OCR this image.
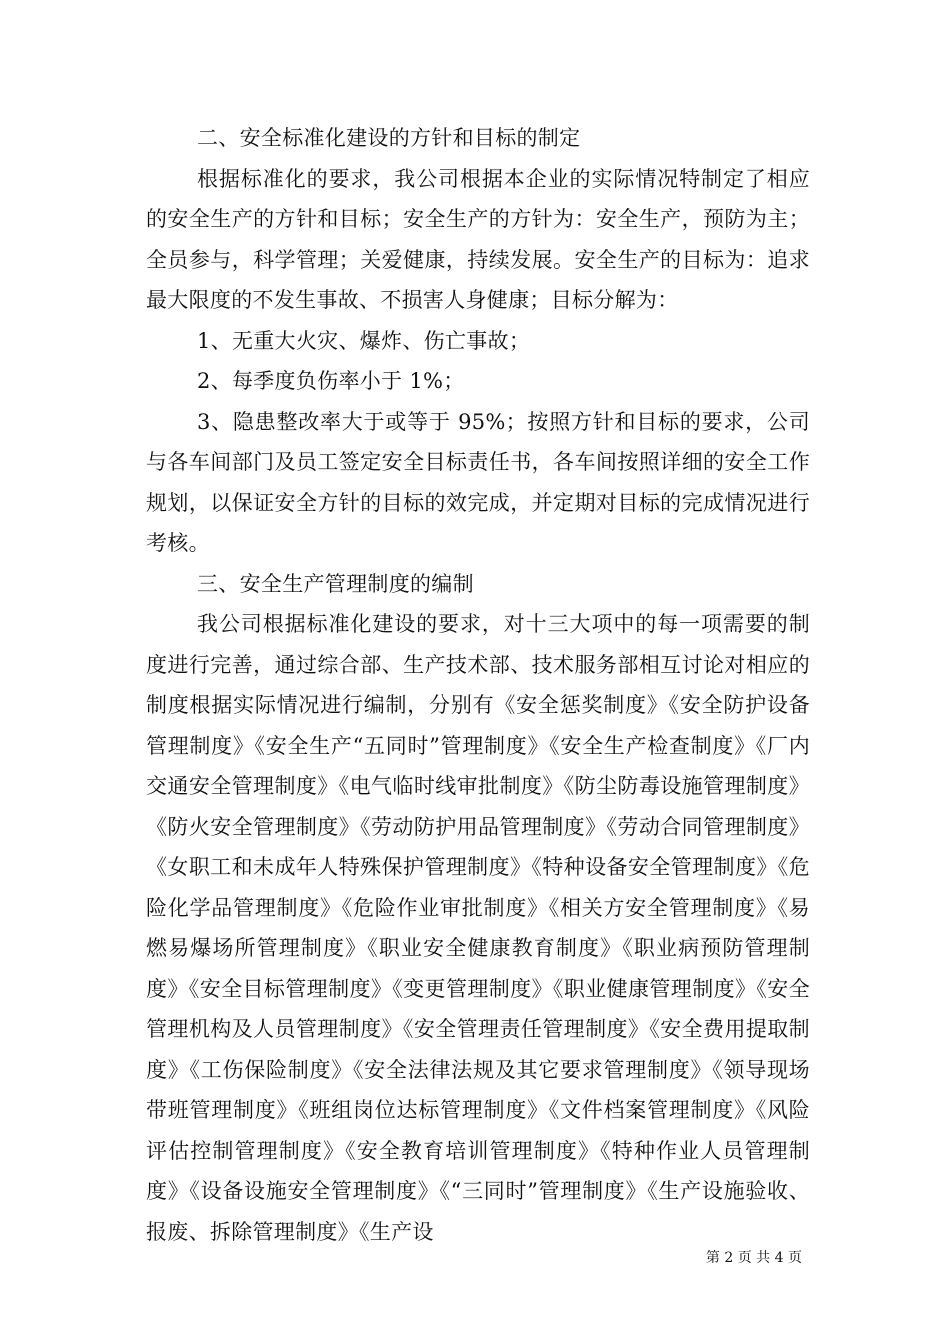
二、安全标准化建设的方针和目标的制定

根据标准化的要求，我公司根据本企业的实际情况特制定了相应的安全生产的方针和目标；安全生产的方针为：安全生产，预防为主；全员参与，科学管理；关爱健康，持续发展。安全生产的目标为：追求最大限度的不发生事故、不损害人身健康；目标分解为：

1、无重大火灾、爆炸、伤亡事故；

2、每季度负伤率小于 1%；

3、隐患整改率大于或等于 95%；按照方针和目标的要求，公司与各车间部门及员工签定安全目标责任书，各车间按照详细的安全工作规划，以保证安全方针的目标的效完成，并定期对目标的完成情况进行考核。

三、安全生产管理制度的编制

我公司根据标准化建设的要求，对十三大项中的每一项需要的制度进行完善，通过综合部、生产技术部、技术服务部相互讨论对相应的制度根据实际情况进行编制，分别有《安全惩奖制度》《安全防护设备管理制度》《安全生产“五同时”管理制度》《安全生产检查制度》《厂内交通安全管理制度》《电气临时线审批制度》《防尘防毒设施管理制度》《防火安全管理制度》《劳动防护用品管理制度》《劳动合同管理制度》《女职工和未成年人特殊保护管理制度》《特种设备安全管理制度》《危险化学品管理制度》《危险作业审批制度》《相关方安全管理制度》《易燃易爆场所管理制度》《职业安全健康教育制度》《职业病预防管理制度》《安全目标管理制度》《变更管理制度》《职业健康管理制度》《安全管理机构及人员管理制度》《安全管理责任管理制度》《安全费用提取制度》《工伤保险制度》《安全法律法规及其它要求管理制度》《领导现场带班管理制度》《班组岗位达标管理制度》《文件档案管理制度》《风险评估控制管理制度》《安全教育培训管理制度》《特种作业人员管理制度》《设备设施安全管理制度》《“三同时”管理制度》《生产设施验收、报废、拆除管理制度》《生产设

第 2 页 共 4 页
